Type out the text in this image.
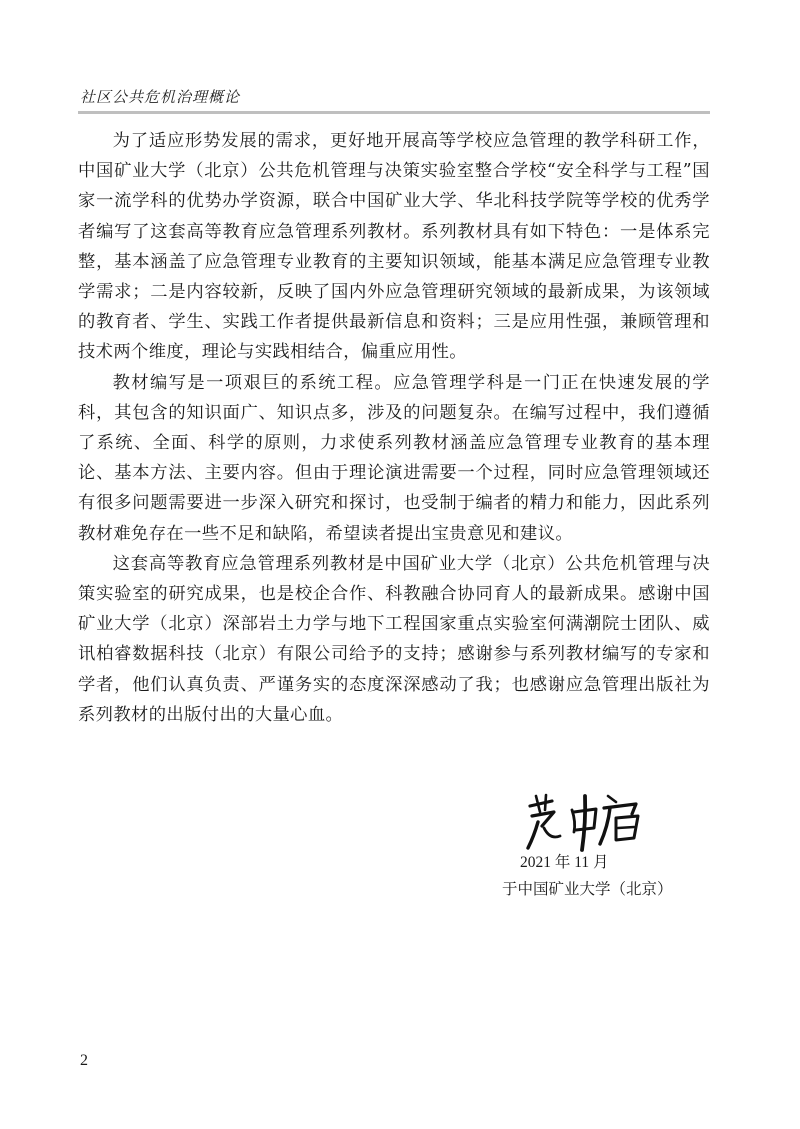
社区公共危机治理概论

为了适应形势发展的需求，更好地开展高等学校应急管理的教学科研工作，中国矿业大学（北京）公共危机管理与决策实验室整合学校“安全科学与工程”国家一流学科的优势办学资源，联合中国矿业大学、华北科技学院等学校的优秀学者编写了这套高等教育应急管理系列教材。系列教材具有如下特色：一是体系完整，基本涵盖了应急管理专业教育的主要知识领域，能基本满足应急管理专业教学需求；二是内容较新，反映了国内外应急管理研究领域的最新成果，为该领域的教育者、学生、实践工作者提供最新信息和资料；三是应用性强，兼顾管理和技术两个维度，理论与实践相结合，偏重应用性。

教材编写是一项艰巨的系统工程。应急管理学科是一门正在快速发展的学科，其包含的知识面广、知识点多，涉及的问题复杂。在编写过程中，我们遵循了系统、全面、科学的原则，力求使系列教材涵盖应急管理专业教育的基本理论、基本方法、主要内容。但由于理论演进需要一个过程，同时应急管理领域还有很多问题需要进一步深入研究和探讨，也受制于编者的精力和能力，因此系列教材难免存在一些不足和缺陷，希望读者提出宝贵意见和建议。

这套高等教育应急管理系列教材是中国矿业大学（北京）公共危机管理与决策实验室的研究成果，也是校企合作、科教融合协同育人的最新成果。感谢中国矿业大学（北京）深部岩土力学与地下工程国家重点实验室何满潮院士团队、威讯柏睿数据科技（北京）有限公司给予的支持；感谢参与系列教材编写的专家和学者，他们认真负责、严谨务实的态度深深感动了我；也感谢应急管理出版社为系列教材的出版付出的大量心血。

2021 年 11 月
于中国矿业大学（北京）
2
